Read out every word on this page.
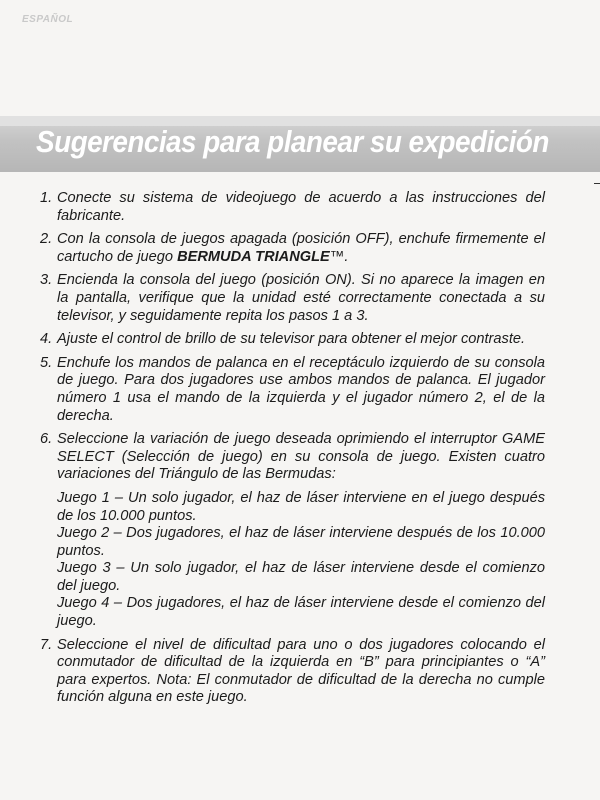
ESPAÑOL
Sugerencias para planear su expedición
1. Conecte su sistema de videojuego de acuerdo a las instrucciones del fabricante.
2. Con la consola de juegos apagada (posición OFF), enchufe firmemente el cartucho de juego BERMUDA TRIANGLE™.
3. Encienda la consola del juego (posición ON). Si no aparece la imagen en la pantalla, verifique que la unidad esté correctamente conectada a su televisor, y seguidamente repita los pasos 1 a 3.
4. Ajuste el control de brillo de su televisor para obtener el mejor contraste.
5. Enchufe los mandos de palanca en el receptáculo izquierdo de su consola de juego. Para dos jugadores use ambos mandos de palanca. El jugador número 1 usa el mando de la izquierda y el jugador número 2, el de la derecha.
6. Seleccione la variación de juego deseada oprimiendo el interruptor GAME SELECT (Selección de juego) en su consola de juego. Existen cuatro variaciones del Triángulo de las Bermudas:
Juego 1 – Un solo jugador, el haz de láser interviene en el juego después de los 10.000 puntos.
Juego 2 – Dos jugadores, el haz de láser interviene después de los 10.000 puntos.
Juego 3 – Un solo jugador, el haz de láser interviene desde el comienzo del juego.
Juego 4 – Dos jugadores, el haz de láser interviene desde el comienzo del juego.
7. Seleccione el nivel de dificultad para uno o dos jugadores colocando el conmutador de dificultad de la izquierda en “B” para principiantes o “A” para expertos. Nota: El conmutador de dificultad de la derecha no cumple función alguna en este juego.
